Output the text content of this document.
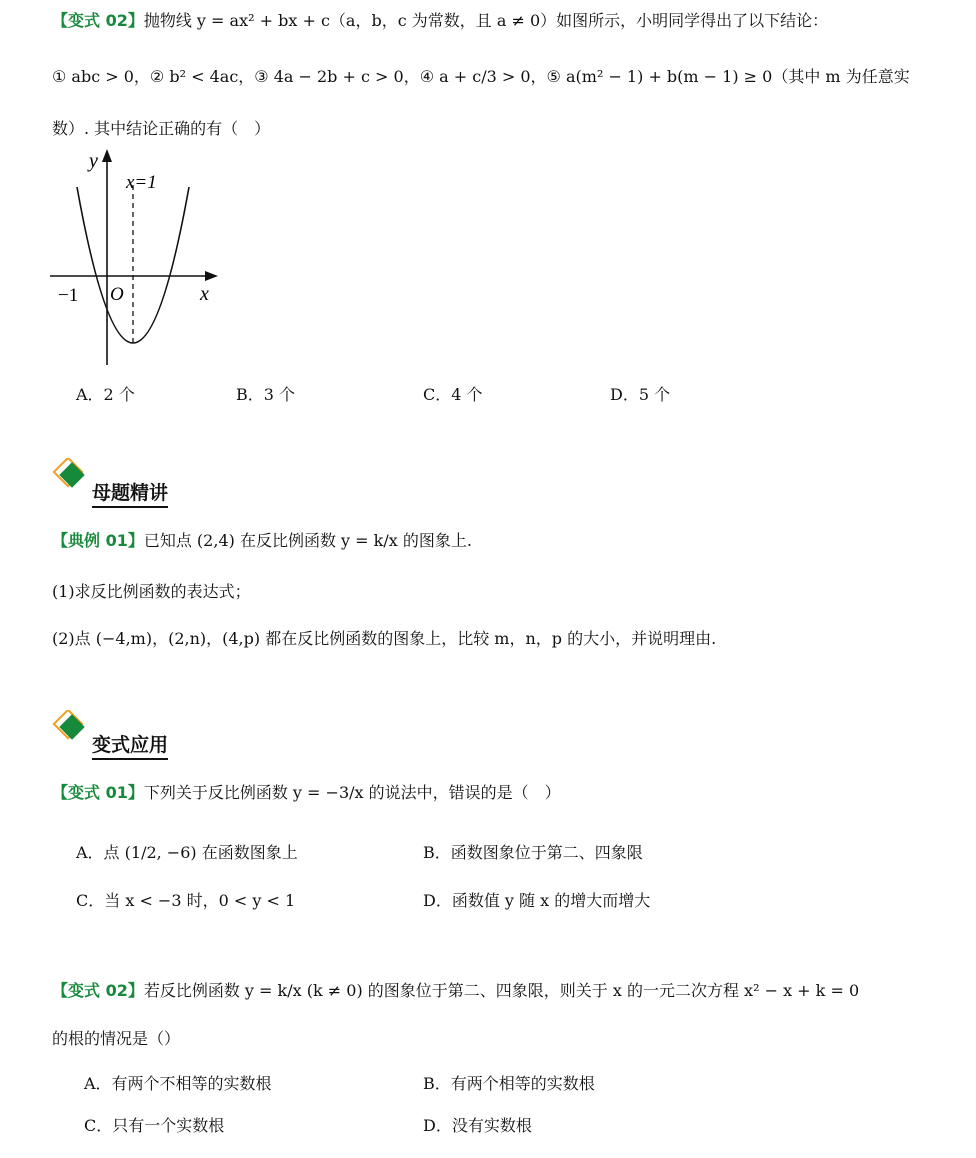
【变式 02】抛物线 y = ax² + bx + c（a，b，c 为常数，且 a ≠ 0）如图所示，小明同学得出了以下结论：
① abc > 0，② b² < 4ac，③ 4a − 2b + c > 0，④ a + c/3 > 0，⑤ a(m² − 1) + b(m − 1) ≥ 0（其中 m 为任意实
数）. 其中结论正确的有（　）
y
x
x=1
−1 O
A．2 个	B．3 个	C．4 个	D．5 个
母题精讲
【典例 01】已知点 (2,4) 在反比例函数 y = k/x 的图象上.
(1)求反比例函数的表达式；
(2)点 (−4,m)，(2,n)，(4,p) 都在反比例函数的图象上，比较 m，n，p 的大小，并说明理由.
变式应用
【变式 01】下列关于反比例函数 y = −3/x 的说法中，错误的是（　）
A．点 (1/2, −6) 在函数图象上	B．函数图象位于第二、四象限
C．当 x < −3 时，0 < y < 1	D．函数值 y 随 x 的增大而增大
【变式 02】若反比例函数 y = k/x (k ≠ 0) 的图象位于第二、四象限，则关于 x 的一元二次方程 x² − x + k = 0
的根的情况是（）
A．有两个不相等的实数根	B．有两个相等的实数根
C．只有一个实数根	D．没有实数根
